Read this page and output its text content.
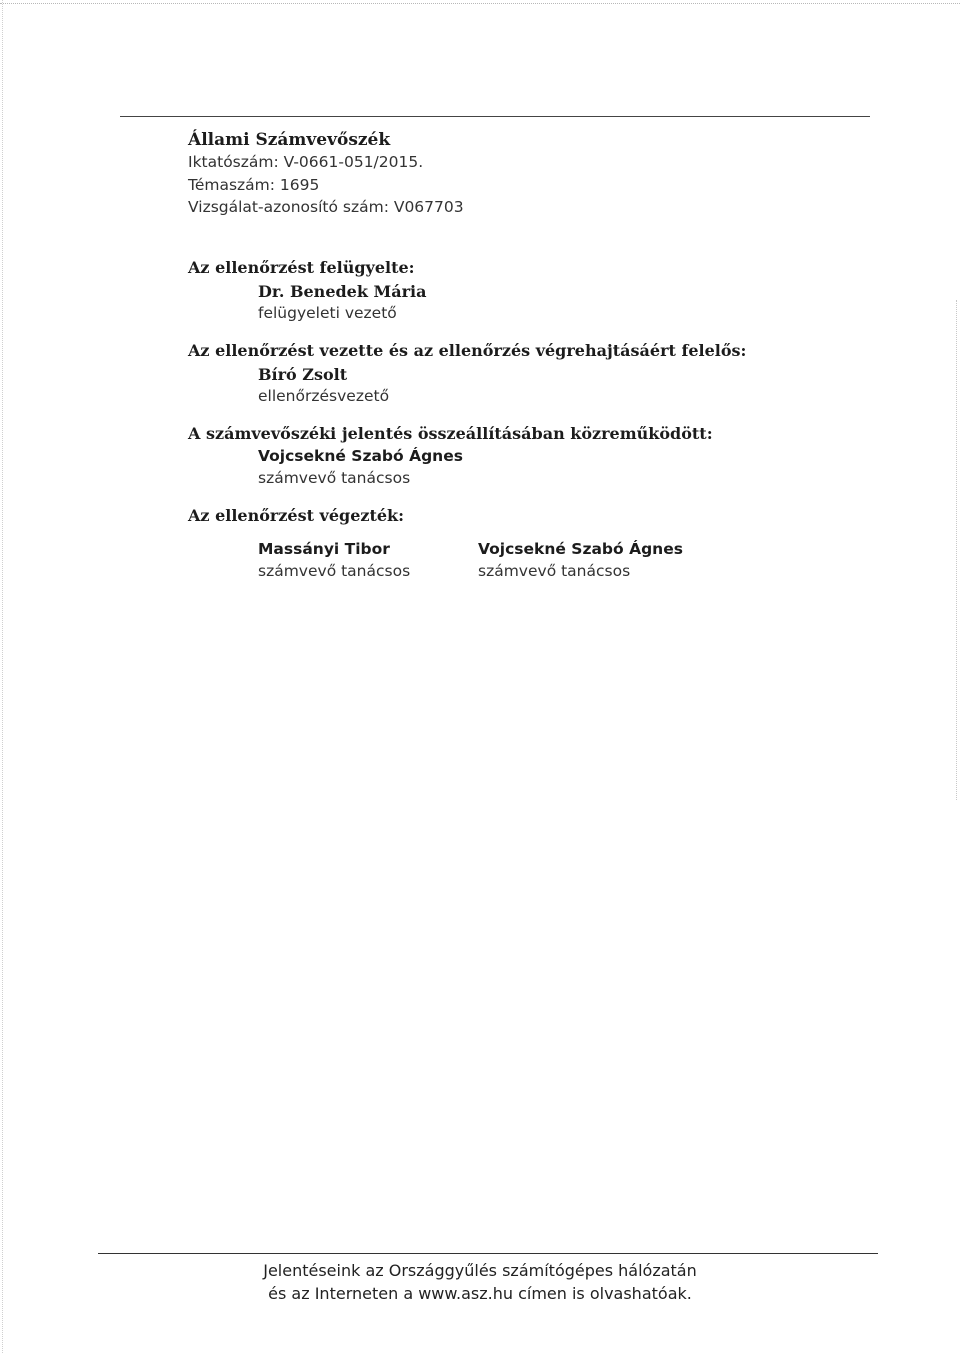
Állami Számvevőszék
Iktatószám: V-0661-051/2015.
Témaszám: 1695
Vizsgálat-azonosító szám: V067703
Az ellenőrzést felügyelte:
Dr. Benedek Mária
felügyeleti vezető
Az ellenőrzést vezette és az ellenőrzés végrehajtásáért felelős:
Bíró Zsolt
ellenőrzésvezető
A számvevőszéki jelentés összeállításában közreműködött:
Vojcsekné Szabó Ágnes
számvevő tanácsos
Az ellenőrzést végezték:
Massányi Tibor
számvevő tanácsos
Vojcsekné Szabó Ágnes
számvevő tanácsos
Jelentéseink az Országgyűlés számítógépes hálózatán
és az Interneten a www.asz.hu címen is olvashatóak.
